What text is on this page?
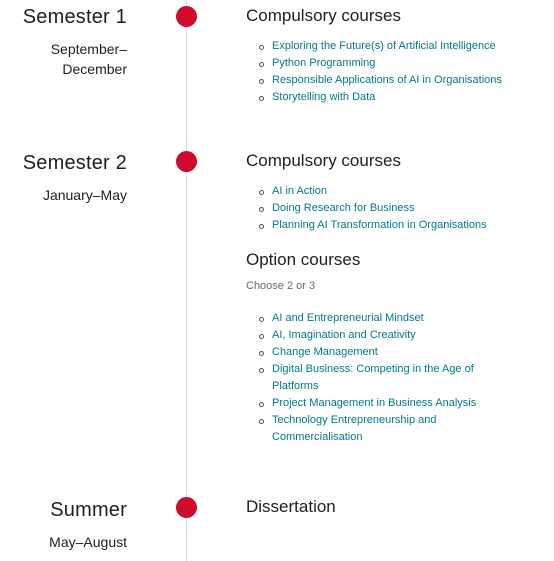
Semester 1
September–
December
Compulsory courses
Exploring the Future(s) of Artificial Intelligence
Python Programming
Responsible Applications of AI in Organisations
Storytelling with Data
Semester 2
January–May
Compulsory courses
AI in Action
Doing Research for Business
Planning AI Transformation in Organisations
Option courses
Choose 2 or 3
AI and Entrepreneurial Mindset
AI, Imagination and Creativity
Change Management
Digital Business: Competing in the Age of Platforms
Project Management in Business Analysis
Technology Entrepreneurship and Commercialisation
Summer
May–August
Dissertation
